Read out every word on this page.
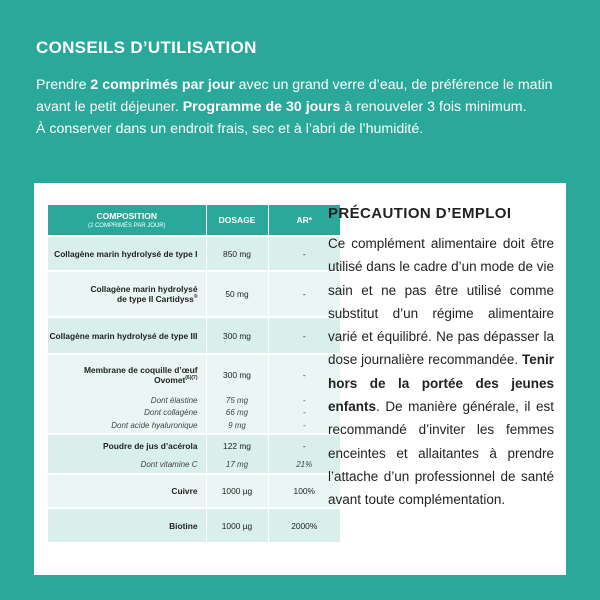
CONSEILS D’UTILISATION

Prendre 2 comprimés par jour avec un grand verre d’eau, de préférence le matin

avant le petit déjeuner. Programme de 30 jours à renouveler 3 fois minimum.

À conserver dans un endroit frais, sec et à l’abri de l’humidité.

COMPOSITION
(2 COMPRIMÉS PAR JOUR)	DOSAGE	AR*
Collagène marin hydrolysé de type I	850 mg	-
Collagène marin hydrolysé
de type II Cartidyss®	50 mg	-
Collagène marin hydrolysé de type III	300 mg	-
Membrane de coquille d’œuf
Ovomet$^{(6)(7)}$	300 mg	-
Dont élastine	75 mg	-
Dont collagène	66 mg	-
Dont acide hyaluronique	9 mg	-
Poudre de jus d’acérola	122 mg	-
Dont vitamine C	17 mg	21%
Cuivre	1000 µg	100%
Biotine	1000 µg	2000%
PRÉCAUTION D’EMPLOI

Ce complément alimentaire doit être utilisé dans le cadre d’un mode de vie sain et ne pas être utilisé comme substitut d’un régime alimentaire varié et équilibré. Ne pas dépasser la dose journalière recommandée. Tenir hors de la portée des jeunes enfants. De manière générale, il est recommandé d’inviter les femmes enceintes et allaitantes à prendre l’attache d’un professionnel de santé avant toute complémentation.
